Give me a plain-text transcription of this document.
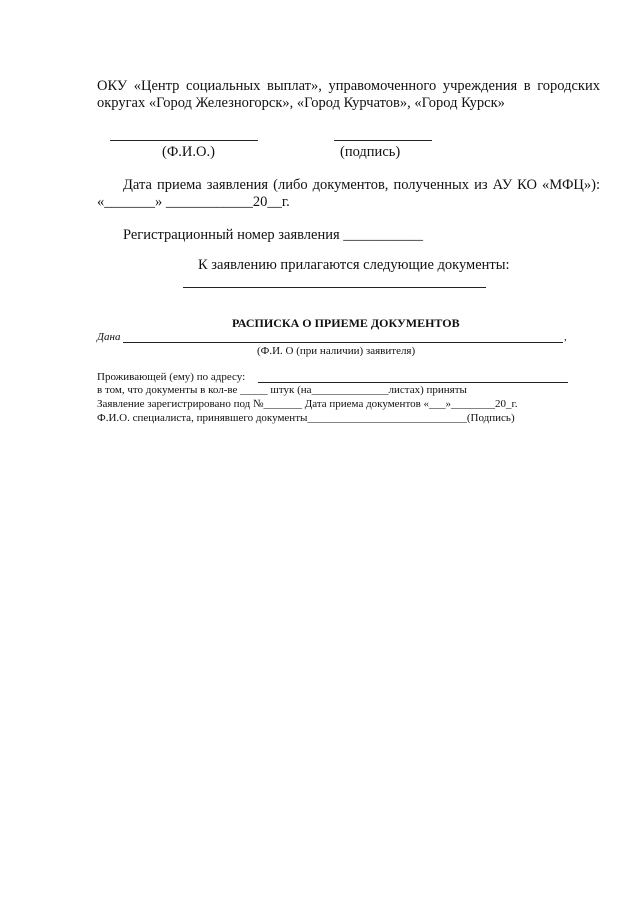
ОКУ «Центр социальных выплат», управомоченного учреждения в городских округах «Город Железногорск», «Город Курчатов», «Город Курск»
(Ф.И.О.)	(подпись)
Дата приема заявления (либо документов, полученных из АУ КО «МФЦ»):
«_______» ____________20__г.
Регистрационный номер заявления ___________
К заявлению прилагаются следующие документы:
РАСПИСКА О ПРИЕМЕ ДОКУМЕНТОВ
Дана	,
(Ф.И. О (при наличии) заявителя)
Проживающей (ему) по адресу:
в том, что документы в кол-ве _____ штук (на______________листах) приняты
Заявление зарегистрировано под №_______ Дата приема документов «___»________20_г.
Ф.И.О. специалиста, принявшего документы_____________________________(Подпись)
